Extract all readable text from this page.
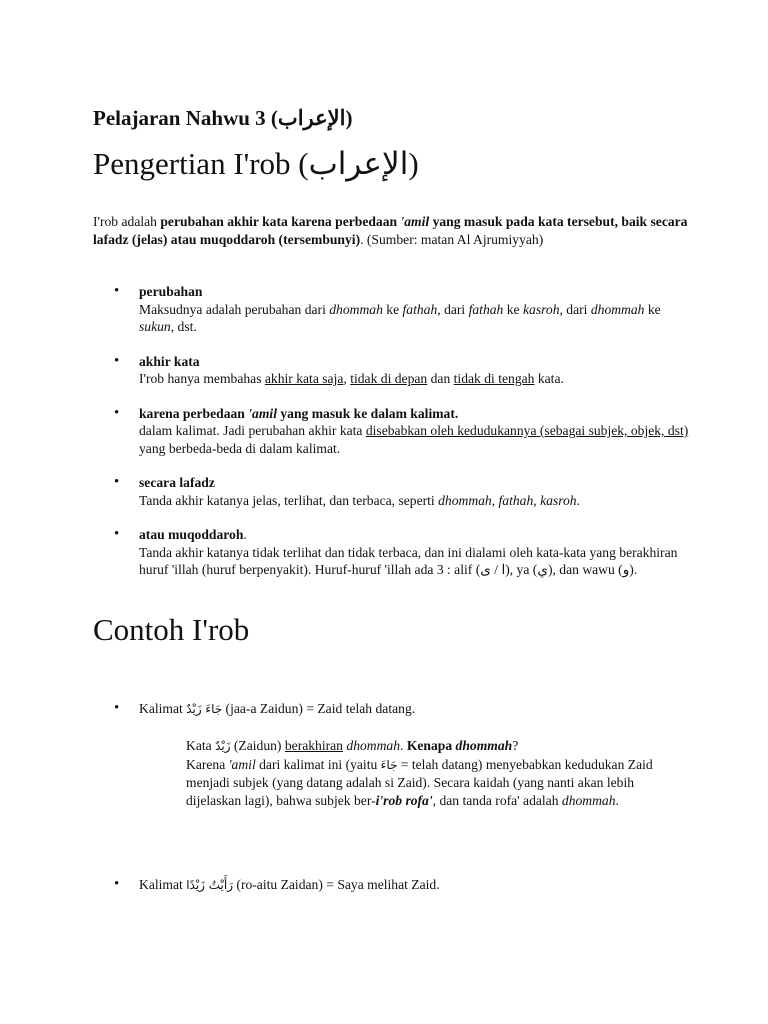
Pelajaran Nahwu 3 (الإعراب)
Pengertian I'rob (الإعراب)

I'rob adalah perubahan akhir kata karena perbedaan 'amil yang masuk pada kata tersebut, baik secara lafadz (jelas) atau muqoddaroh (tersembunyi). (Sumber: matan Al Ajrumiyyah)

• perubahan
Maksudnya adalah perubahan dari dhommah ke fathah, dari fathah ke kasroh, dari dhommah ke sukun, dst.
• akhir kata
I'rob hanya membahas akhir kata saja, tidak di depan dan tidak di tengah kata.
• karena perbedaan 'amil yang masuk ke dalam kalimat.
dalam kalimat. Jadi perubahan akhir kata disebabkan oleh kedudukannya (sebagai subjek, objek, dst) yang berbeda-beda di dalam kalimat.
• secara lafadz
Tanda akhir katanya jelas, terlihat, dan terbaca, seperti dhommah, fathah, kasroh.
• atau muqoddaroh.
Tanda akhir katanya tidak terlihat dan tidak terbaca, dan ini dialami oleh kata-kata yang berakhiran huruf 'illah (huruf berpenyakit). Huruf-huruf 'illah ada 3 : alif (ا / ى), ya (ي), dan wawu (و).
Contoh I'rob

• Kalimat جَاءَ زَيْدٌ (jaa-a Zaidun) = Zaid telah datang.

Kata زَيْدٌ (Zaidun) berakhiran dhommah. Kenapa dhommah?
Karena 'amil dari kalimat ini (yaitu جَاءَ = telah datang) menyebabkan kedudukan Zaid menjadi subjek (yang datang adalah si Zaid). Secara kaidah (yang nanti akan lebih dijelaskan lagi), bahwa subjek ber-i'rob rofa', dan tanda rofa' adalah dhommah.

• Kalimat رَأَيْتُ زَيْدًا (ro-aitu Zaidan) = Saya melihat Zaid.
